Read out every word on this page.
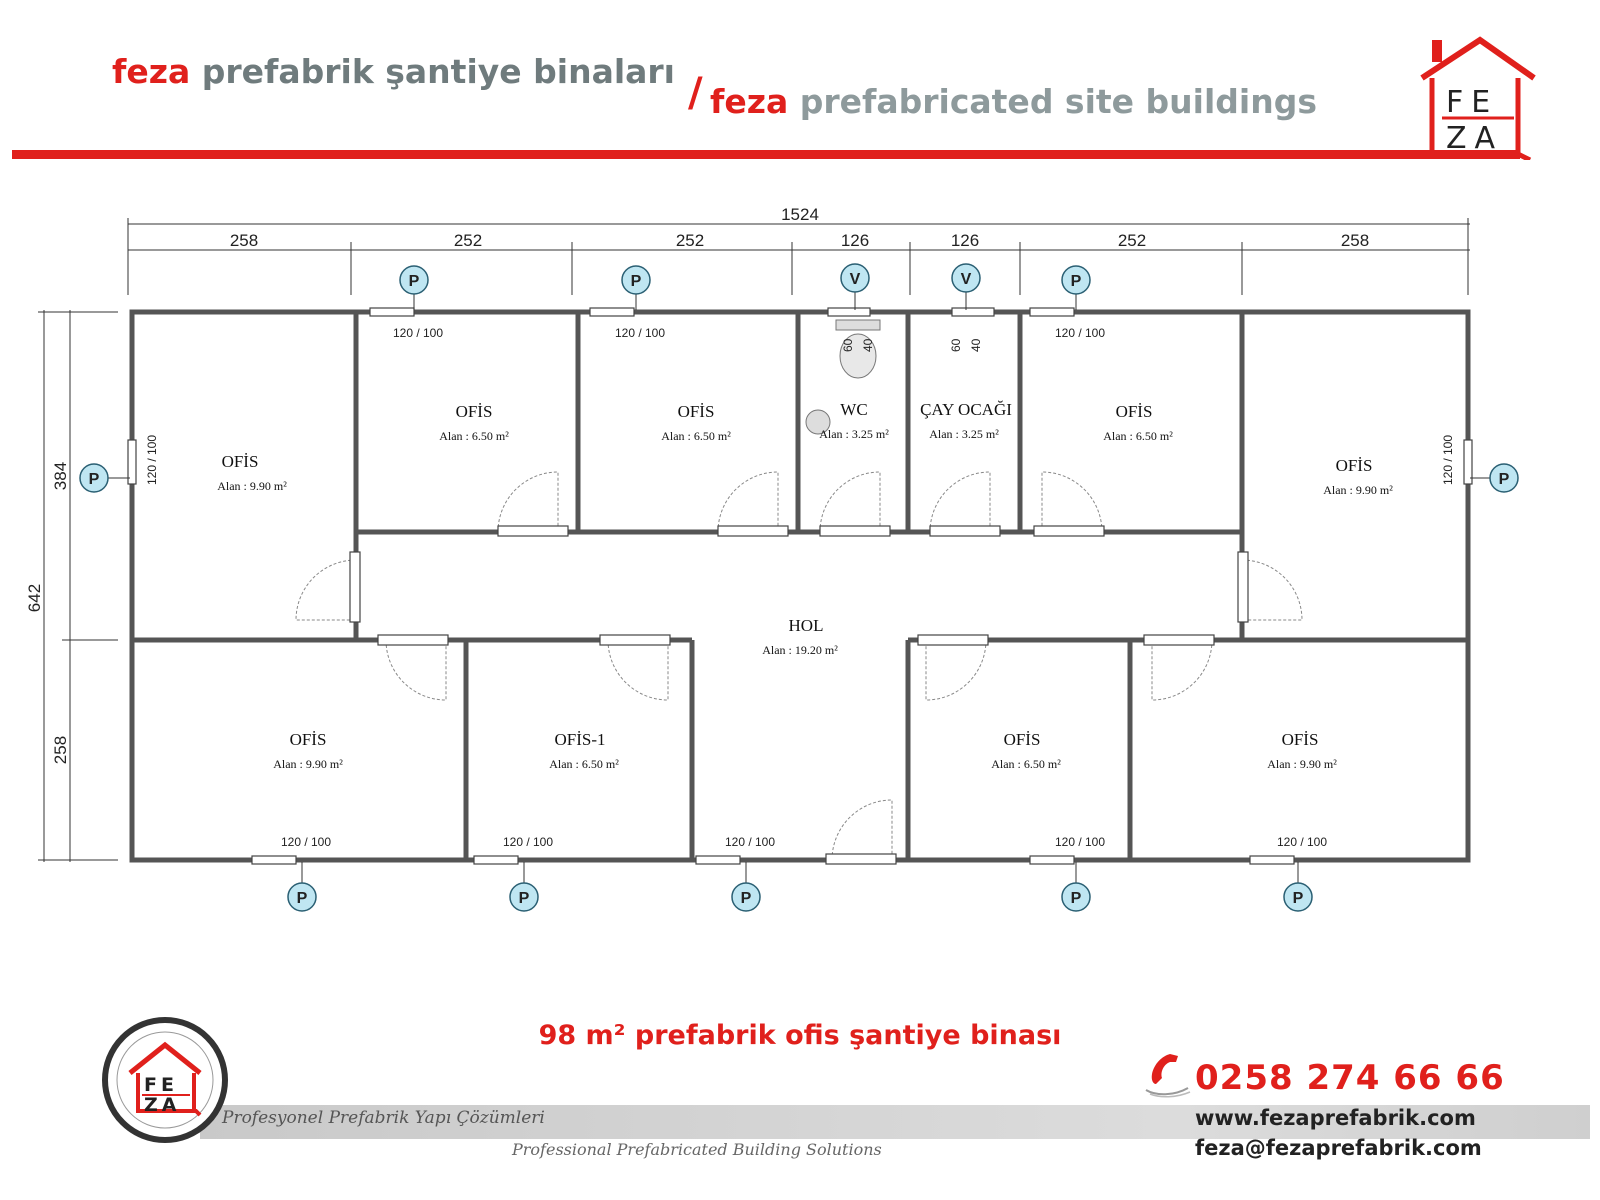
feza prefabrik şantiye binaları / feza prefabricated site buildings	FE
ZA
1524
258	252	252	126	126	252	258
642
384
258
60 40	60 40
120 / 100	120 / 100	120 / 100
120 / 100	120 / 100
120 / 100	120 / 100	120 / 100	120 / 100	120 / 100
OFİS
Alan : 9.90 m²
OFİS
Alan : 6.50 m²
OFİS
Alan : 6.50 m²
WC
Alan : 3.25 m²
ÇAY OCAĞI
Alan : 3.25 m²
OFİS
Alan : 6.50 m²
OFİS
Alan : 9.90 m²
HOL
Alan : 19.20 m²
OFİS
Alan : 9.90 m²
OFİS-1
Alan : 6.50 m²
OFİS
Alan : 6.50 m²
OFİS
Alan : 9.90 m²
P	P	V	V	P
P	P
P	P	P	P	P
98 m² prefabrik ofis şantiye binası
FE
ZA
Profesyonel Prefabrik Yapı Çözümleri
Professional Prefabricated Building Solutions
0258 274 66 66
www.fezaprefabrik.com
feza@fezaprefabrik.com
